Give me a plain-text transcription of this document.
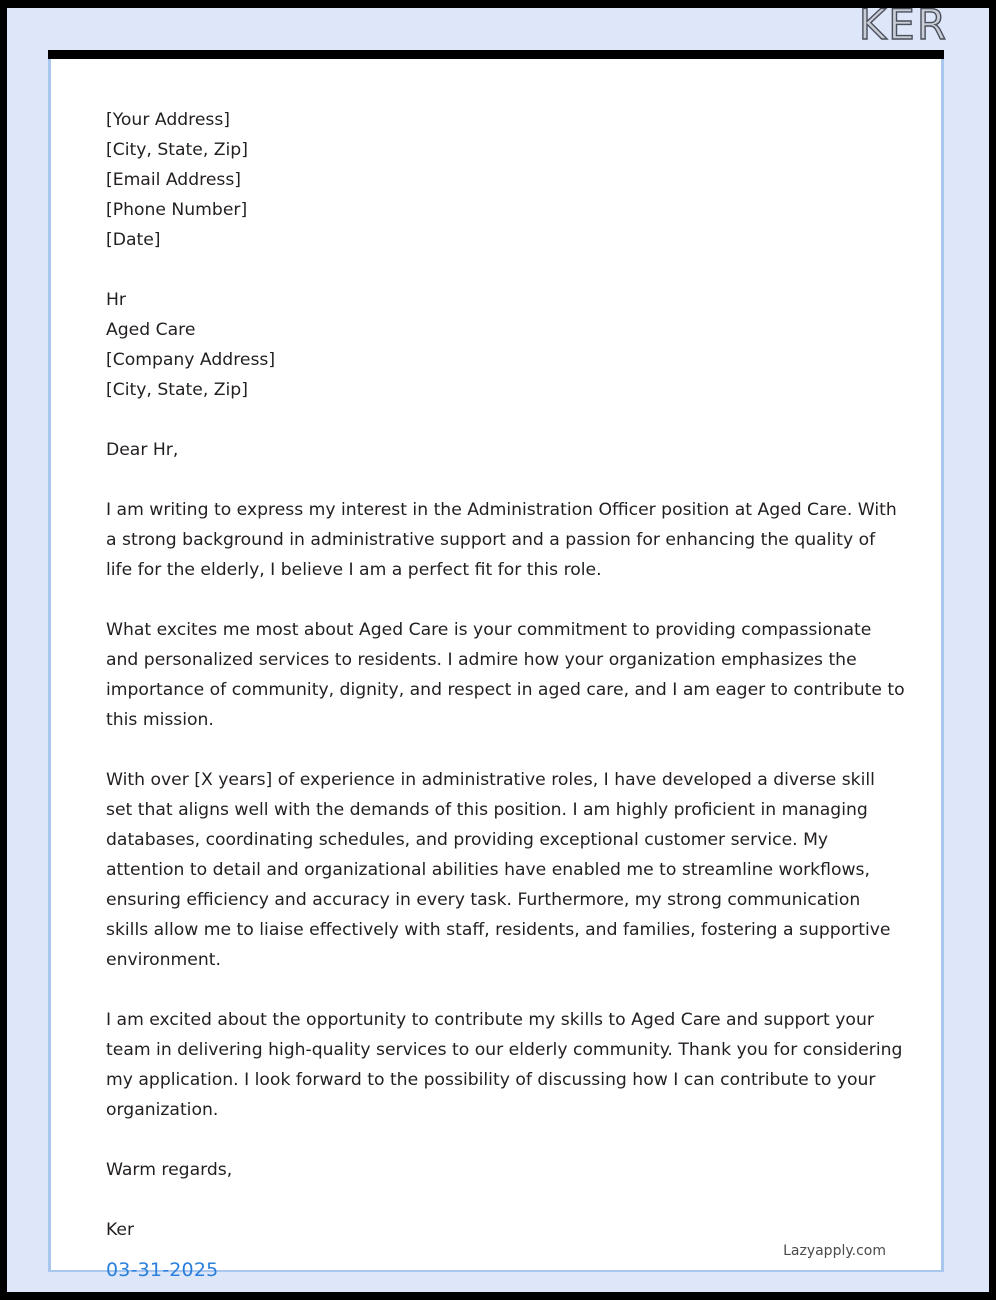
KER
[Your Address]
[City, State, Zip]
[Email Address]
[Phone Number]
[Date]
Hr
Aged Care
[Company Address]
[City, State, Zip]

Dear Hr,

I am writing to express my interest in the Administration Officer position at Aged Care. With a strong background in administrative support and a passion for enhancing the quality of life for the elderly, I believe I am a perfect fit for this role.

What excites me most about Aged Care is your commitment to providing compassionate and personalized services to residents. I admire how your organization emphasizes the importance of community, dignity, and respect in aged care, and I am eager to contribute to this mission.

With over [X years] of experience in administrative roles, I have developed a diverse skill set that aligns well with the demands of this position. I am highly proficient in managing databases, coordinating schedules, and providing exceptional customer service. My attention to detail and organizational abilities have enabled me to streamline workflows, ensuring efficiency and accuracy in every task. Furthermore, my strong communication skills allow me to liaise effectively with staff, residents, and families, fostering a supportive environment.

I am excited about the opportunity to contribute my skills to Aged Care and support your team in delivering high-quality services to our elderly community. Thank you for considering my application. I look forward to the possibility of discussing how I can contribute to your organization.

Warm regards,

Ker

Lazyapply.com
03-31-2025
